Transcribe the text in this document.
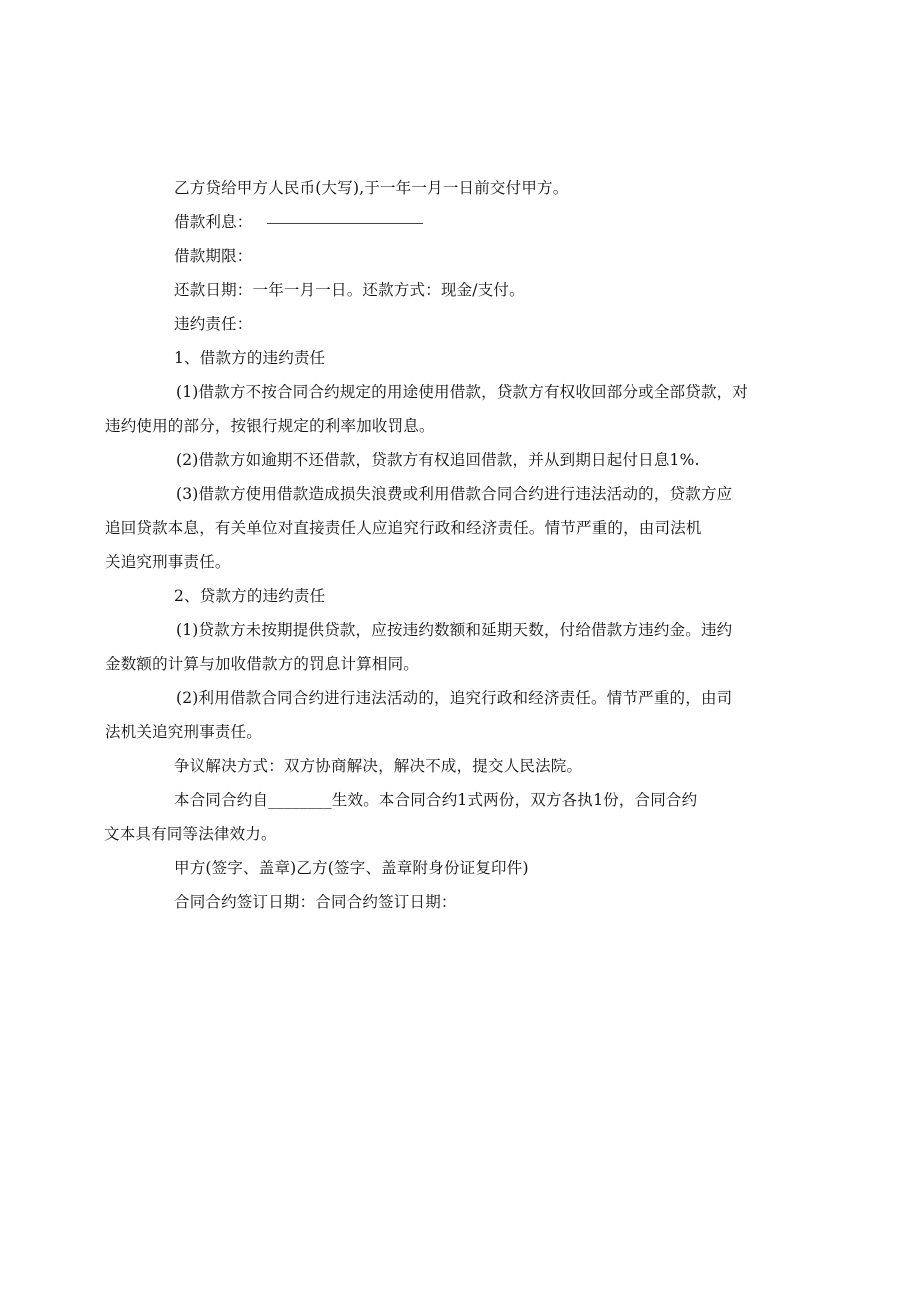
乙方贷给甲方人民币(大写),于一年一月一日前交付甲方。
借款利息：
借款期限：
还款日期：一年一月一日。还款方式：现金/支付。
违约责任：
1、借款方的违约责任
(1)借款方不按合同合约规定的用途使用借款，贷款方有权收回部分或全部贷款，对
违约使用的部分，按银行规定的利率加收罚息。
(2)借款方如逾期不还借款，贷款方有权追回借款，并从到期日起付日息1%.
(3)借款方使用借款造成损失浪费或利用借款合同合约进行违法活动的，贷款方应
追回贷款本息，有关单位对直接责任人应追究行政和经济责任。情节严重的，由司法机
关追究刑事责任。
2、贷款方的违约责任
(1)贷款方未按期提供贷款，应按违约数额和延期天数，付给借款方违约金。违约
金数额的计算与加收借款方的罚息计算相同。
(2)利用借款合同合约进行违法活动的，追究行政和经济责任。情节严重的，由司
法机关追究刑事责任。
争议解决方式：双方协商解决，解决不成，提交人民法院。
本合同合约自________生效。本合同合约1式两份，双方各执1份，合同合约
文本具有同等法律效力。
甲方(签字、盖章)乙方(签字、盖章附身份证复印件)
合同合约签订日期：合同合约签订日期：
